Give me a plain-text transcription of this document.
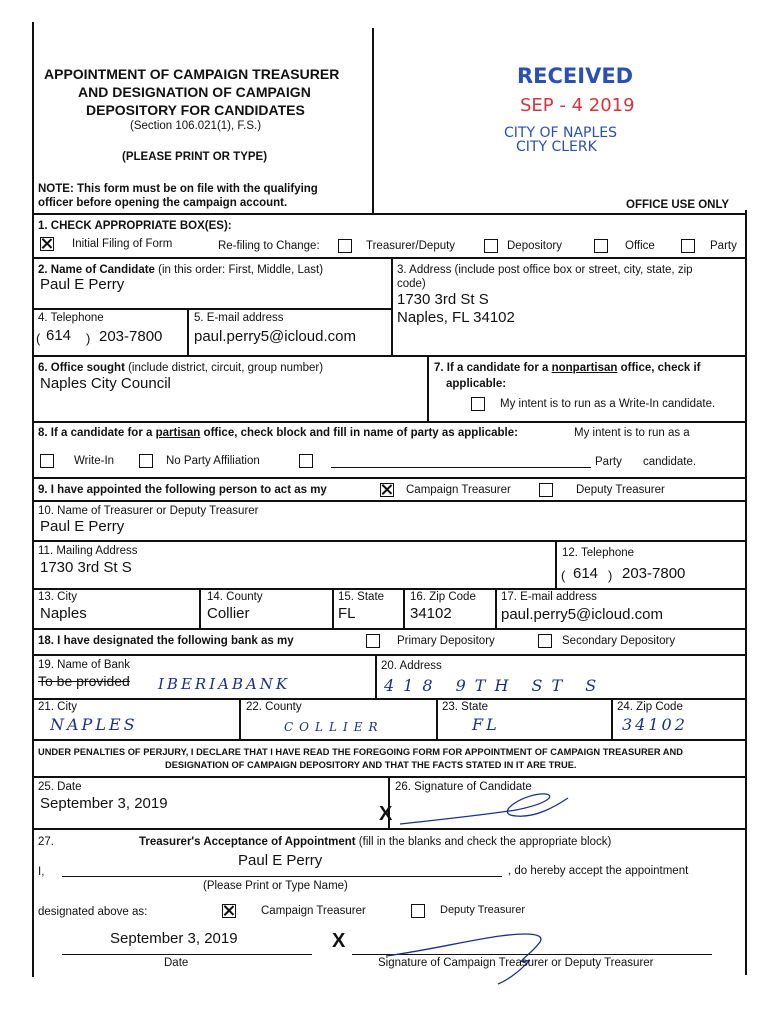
APPOINTMENT OF CAMPAIGN TREASURER
AND DESIGNATION OF CAMPAIGN
DEPOSITORY FOR CANDIDATES
(Section 106.021(1), F.S.)
(PLEASE PRINT OR TYPE)
NOTE: This form must be on file with the qualifying
officer before opening the campaign account.	OFFICE USE ONLY
RECEIVED
SEP - 4 2019
CITY OF NAPLES
CITY CLERK
1. CHECK APPROPRIATE BOX(ES):
Initial Filing of Form	Re-filing to Change:	Treasurer/Deputy	Depository	Office	Party
2. Name of Candidate (in this order: First, Middle, Last)
Paul E Perry
3. Address (include post office box or street, city, state, zip
code)
1730 3rd St S
Naples, FL 34102
4. Telephone
( 614 ) 203-7800
5. E-mail address
paul.perry5@icloud.com
6. Office sought (include district, circuit, group number)
Naples City Council
7. If a candidate for a nonpartisan office, check if
applicable:
My intent is to run as a Write-In candidate.
8. If a candidate for a partisan office, check block and fill in name of party as applicable:	My intent is to run as a
Write-In	No Party Affiliation	Party candidate.
9. I have appointed the following person to act as my	Campaign Treasurer	Deputy Treasurer
10. Name of Treasurer or Deputy Treasurer
Paul E Perry
11. Mailing Address
1730 3rd St S
12. Telephone
( 614 ) 203-7800
13. City
Naples
14. County
Collier
15. State
FL
16. Zip Code
34102
17. E-mail address
paul.perry5@icloud.com
18. I have designated the following bank as my	Primary Depository	Secondary Depository
19. Name of Bank
To be provided IBERIABANK
20. Address
418 9TH ST S
21. City
NAPLES
22. County
COLLIER
23. State
FL
24. Zip Code
34102
UNDER PENALTIES OF PERJURY, I DECLARE THAT I HAVE READ THE FOREGOING FORM FOR APPOINTMENT OF CAMPAIGN TREASURER AND
DESIGNATION OF CAMPAIGN DEPOSITORY AND THAT THE FACTS STATED IN IT ARE TRUE.
25. Date
September 3, 2019
26. Signature of Candidate
X
27.	Treasurer's Acceptance of Appointment (fill in the blanks and check the appropriate block)
I,
Paul E Perry
, do hereby accept the appointment
(Please Print or Type Name)
designated above as:	Campaign Treasurer	Deputy Treasurer
September 3, 2019	X
Date	Signature of Campaign Treasurer or Deputy Treasurer
